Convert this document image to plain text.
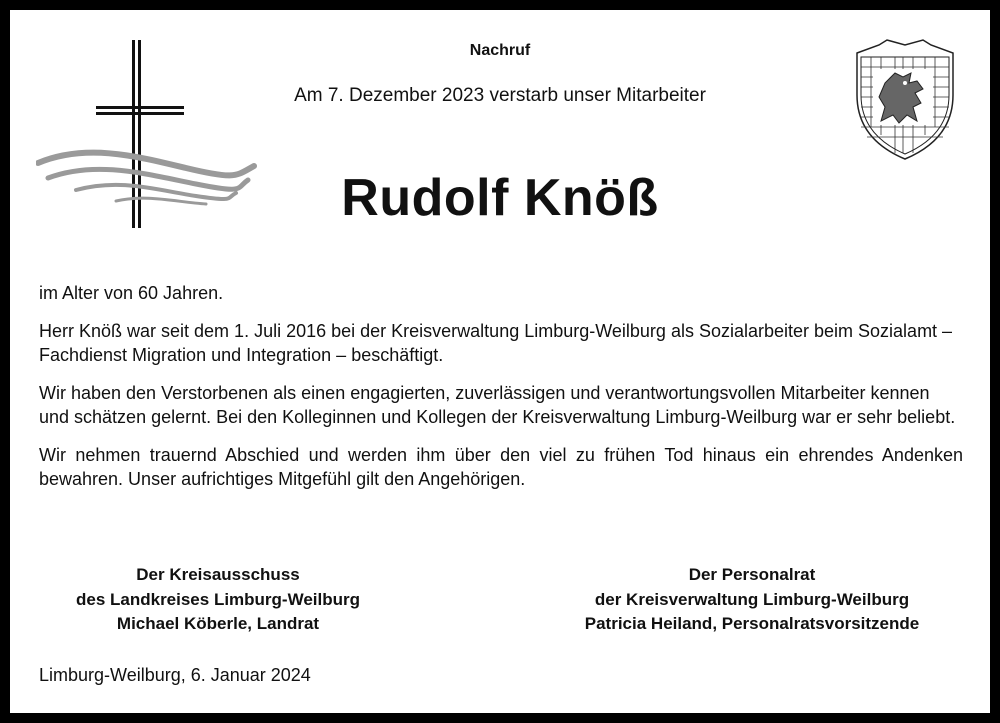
Nachruf
Am 7. Dezember 2023 verstarb unser Mitarbeiter
Rudolf Knöß

im Alter von 60 Jahren.

Herr Knöß war seit dem 1. Juli 2016 bei der Kreisverwaltung Limburg-Weilburg als Sozialarbeiter beim Sozialamt – Fachdienst Migration und Integration – beschäftigt.

Wir haben den Verstorbenen als einen engagierten, zuverlässigen und verantwortungsvollen Mitarbeiter kennen und schätzen gelernt. Bei den Kolleginnen und Kollegen der Kreisverwaltung Limburg-Weilburg war er sehr beliebt.

Wir nehmen trauernd Abschied und werden ihm über den viel zu frühen Tod hinaus ein ehrendes Andenken bewahren. Unser aufrichtiges Mitgefühl gilt den Angehörigen.

Der Kreisausschuss
des Landkreises Limburg-Weilburg
Michael Köberle, Landrat
Der Personalrat
der Kreisverwaltung Limburg-Weilburg
Patricia Heiland, Personalratsvorsitzende
Limburg-Weilburg, 6. Januar 2024
